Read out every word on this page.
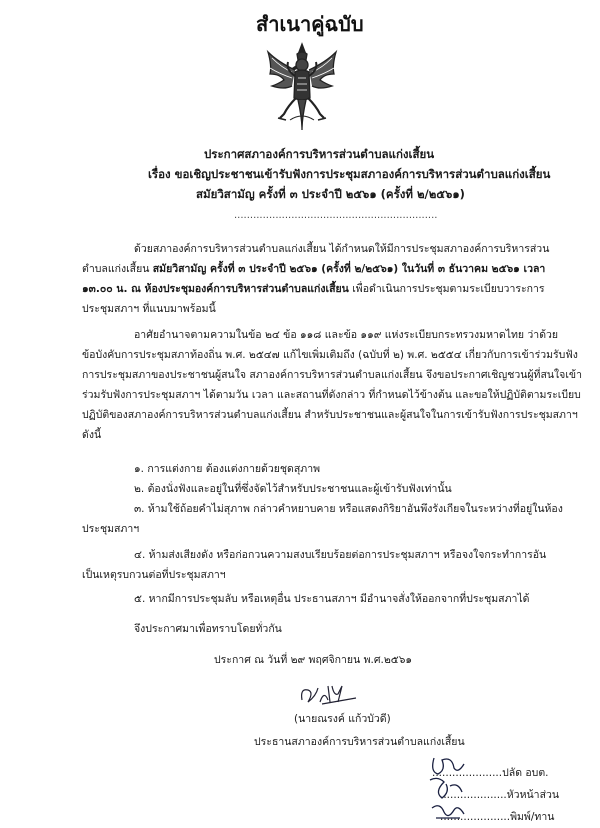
สำเนาคู่ฉบับ
ประกาศสภาองค์การบริหารส่วนตำบลแก่งเสี้ยน
เรื่อง ขอเชิญประชาชนเข้ารับฟังการประชุมสภาองค์การบริหารส่วนตำบลแก่งเสี้ยน
สมัยวิสามัญ ครั้งที่ ๓ ประจำปี ๒๕๖๑ (ครั้งที่ ๒/๒๕๖๑)
................................................................
ด้วยสภาองค์การบริหารส่วนตำบลแก่งเสี้ยน ได้กำหนดให้มีการประชุมสภาองค์การบริหารส่วน
ตำบลแก่งเสี้ยน สมัยวิสามัญ ครั้งที่ ๓ ประจำปี ๒๕๖๑ (ครั้งที่ ๒/๒๕๖๑) ในวันที่ ๓ ธันวาคม ๒๕๖๑ เวลา
๑๓.๐๐ น. ณ ห้องประชุมองค์การบริหารส่วนตำบลแก่งเสี้ยน เพื่อดำเนินการประชุมตามระเบียบวาระการ
ประชุมสภาฯ ที่แนบมาพร้อมนี้
อาศัยอำนาจตามความในข้อ ๒๔ ข้อ ๑๑๘ และข้อ ๑๑๙ แห่งระเบียบกระทรวงมหาดไทย ว่าด้วย
ข้อบังคับการประชุมสภาท้องถิ่น พ.ศ. ๒๕๔๗ แก้ไขเพิ่มเติมถึง (ฉบับที่ ๒) พ.ศ. ๒๕๕๔ เกี่ยวกับการเข้าร่วมรับฟัง
การประชุมสภาของประชาชนผู้สนใจ สภาองค์การบริหารส่วนตำบลแก่งเสี้ยน จึงขอประกาศเชิญชวนผู้ที่สนใจเข้า
ร่วมรับฟังการประชุมสภาฯ ได้ตามวัน เวลา และสถานที่ดังกล่าว ที่กำหนดไว้ข้างต้น และขอให้ปฏิบัติตามระเบียบ
ปฏิบัติของสภาองค์การบริหารส่วนตำบลแก่งเสี้ยน สำหรับประชาชนและผู้สนใจในการเข้ารับฟังการประชุมสภาฯ
ดังนี้
๑. การแต่งกาย ต้องแต่งกายด้วยชุดสุภาพ
๒. ต้องนั่งฟังและอยู่ในที่ซึ่งจัดไว้สำหรับประชาชนและผู้เข้ารับฟังเท่านั้น
๓. ห้ามใช้ถ้อยคำไม่สุภาพ กล่าวคำหยาบคาย หรือแสดงกิริยาอันพึงรังเกียจในระหว่างที่อยู่ในห้อง
ประชุมสภาฯ
๔. ห้ามส่งเสียงดัง หรือก่อกวนความสงบเรียบร้อยต่อการประชุมสภาฯ หรือจงใจกระทำการอัน
เป็นเหตุรบกวนต่อที่ประชุมสภาฯ
๕. หากมีการประชุมลับ หรือเหตุอื่น ประธานสภาฯ มีอำนาจสั่งให้ออกจากที่ประชุมสภาได้
จึงประกาศมาเพื่อทราบโดยทั่วกัน
ประกาศ ณ วันที่ ๒๙ พฤศจิกายน พ.ศ.๒๕๖๑
(นายณรงค์ แก้วบัวดี)
ประธานสภาองค์การบริหารส่วนตำบลแก่งเสี้ยน
.....................ปลัด อบต.
....................หัวหน้าส่วน
.....................พิมพ์/ทาน
